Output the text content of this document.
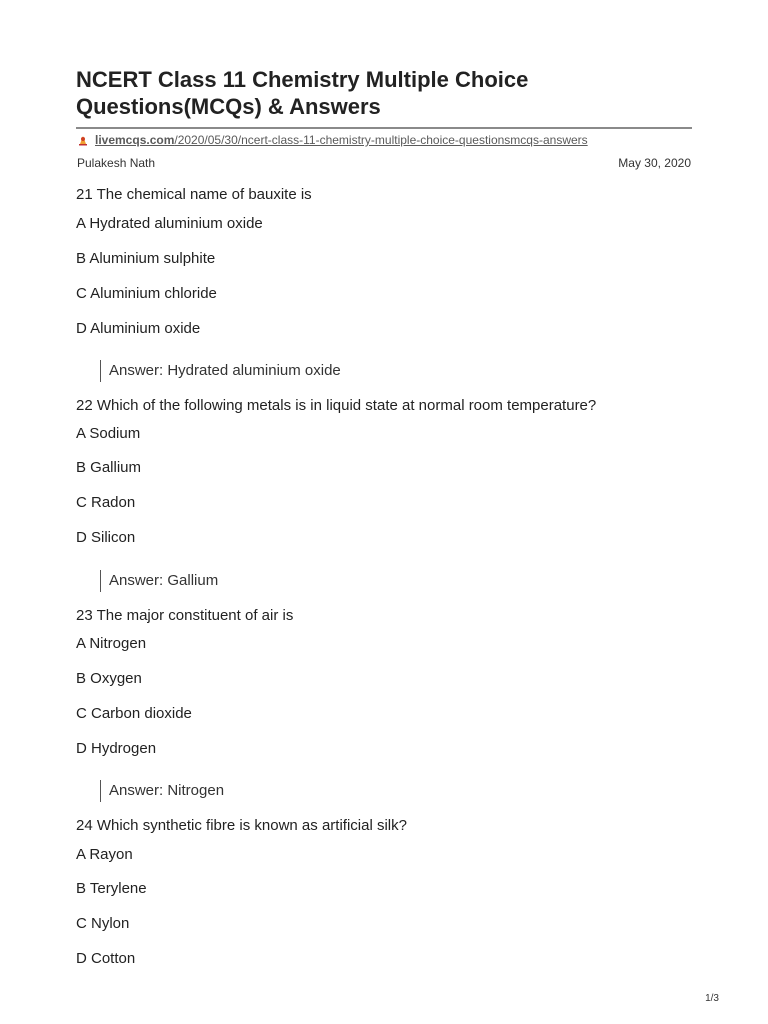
NCERT Class 11 Chemistry Multiple Choice Questions(MCQs) & Answers
livemcqs.com/2020/05/30/ncert-class-11-chemistry-multiple-choice-questionsmcqs-answers
Pulakesh Nath	May 30, 2020
21 The chemical name of bauxite is
A Hydrated aluminium oxide
B Aluminium sulphite
C Aluminium chloride
D Aluminium oxide
Answer: Hydrated aluminium oxide
22 Which of the following metals is in liquid state at normal room temperature?
A Sodium
B Gallium
C Radon
D Silicon
Answer: Gallium
23 The major constituent of air is
A Nitrogen
B Oxygen
C Carbon dioxide
D Hydrogen
Answer: Nitrogen
24 Which synthetic fibre is known as artificial silk?
A Rayon
B Terylene
C Nylon
D Cotton
1/3
